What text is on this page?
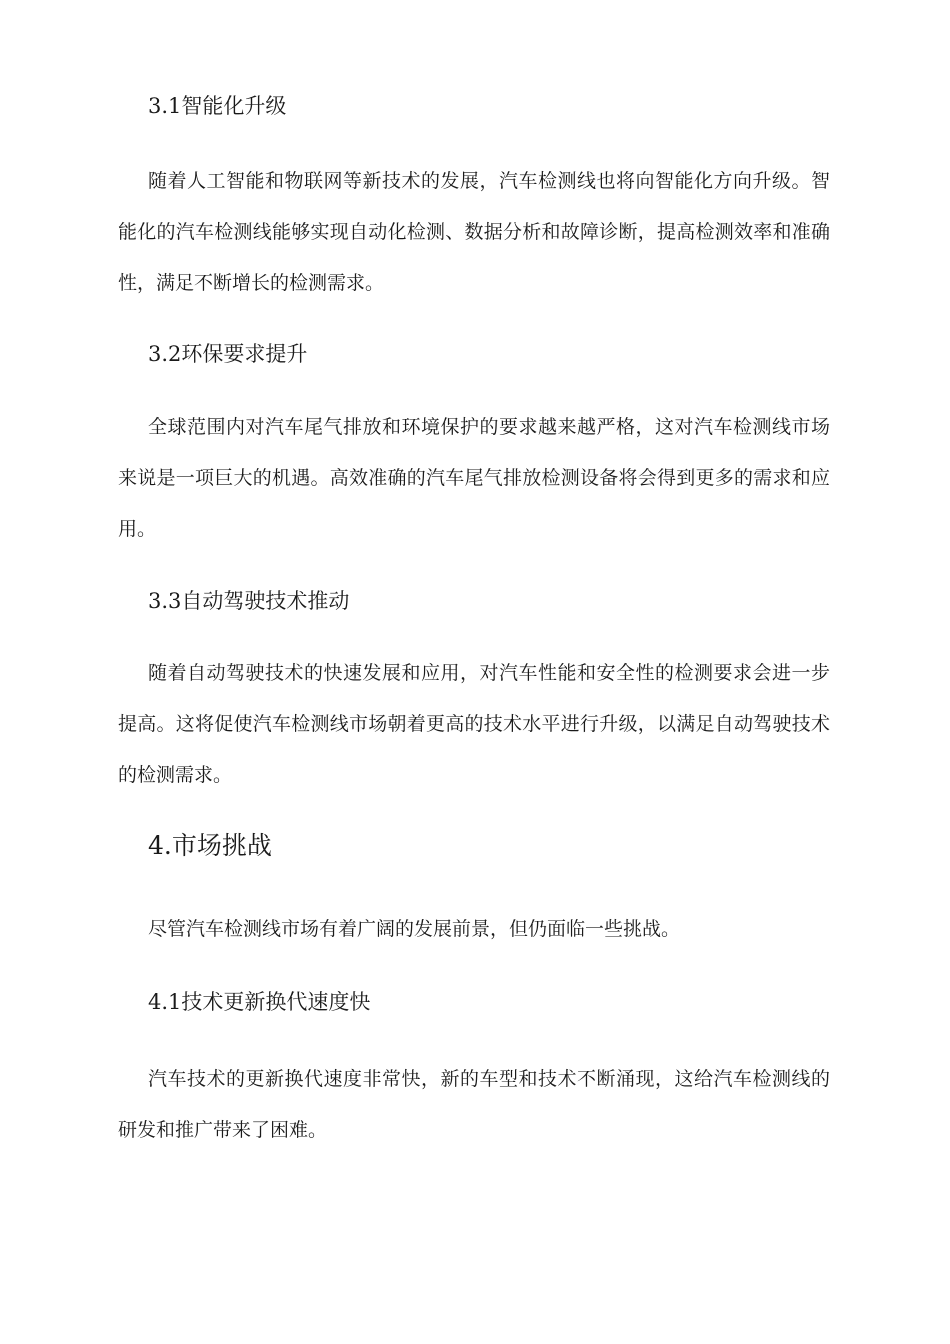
3.1智能化升级

随着人工智能和物联网等新技术的发展，汽车检测线也将向智能化方向升级。智能化的汽车检测线能够实现自动化检测、数据分析和故障诊断，提高检测效率和准确性，满足不断增长的检测需求。

3.2环保要求提升

全球范围内对汽车尾气排放和环境保护的要求越来越严格，这对汽车检测线市场来说是一项巨大的机遇。高效准确的汽车尾气排放检测设备将会得到更多的需求和应用。

3.3自动驾驶技术推动

随着自动驾驶技术的快速发展和应用，对汽车性能和安全性的检测要求会进一步提高。这将促使汽车检测线市场朝着更高的技术水平进行升级，以满足自动驾驶技术的检测需求。

4.市场挑战

尽管汽车检测线市场有着广阔的发展前景，但仍面临一些挑战。

4.1技术更新换代速度快

汽车技术的更新换代速度非常快，新的车型和技术不断涌现，这给汽车检测线的研发和推广带来了困难。
